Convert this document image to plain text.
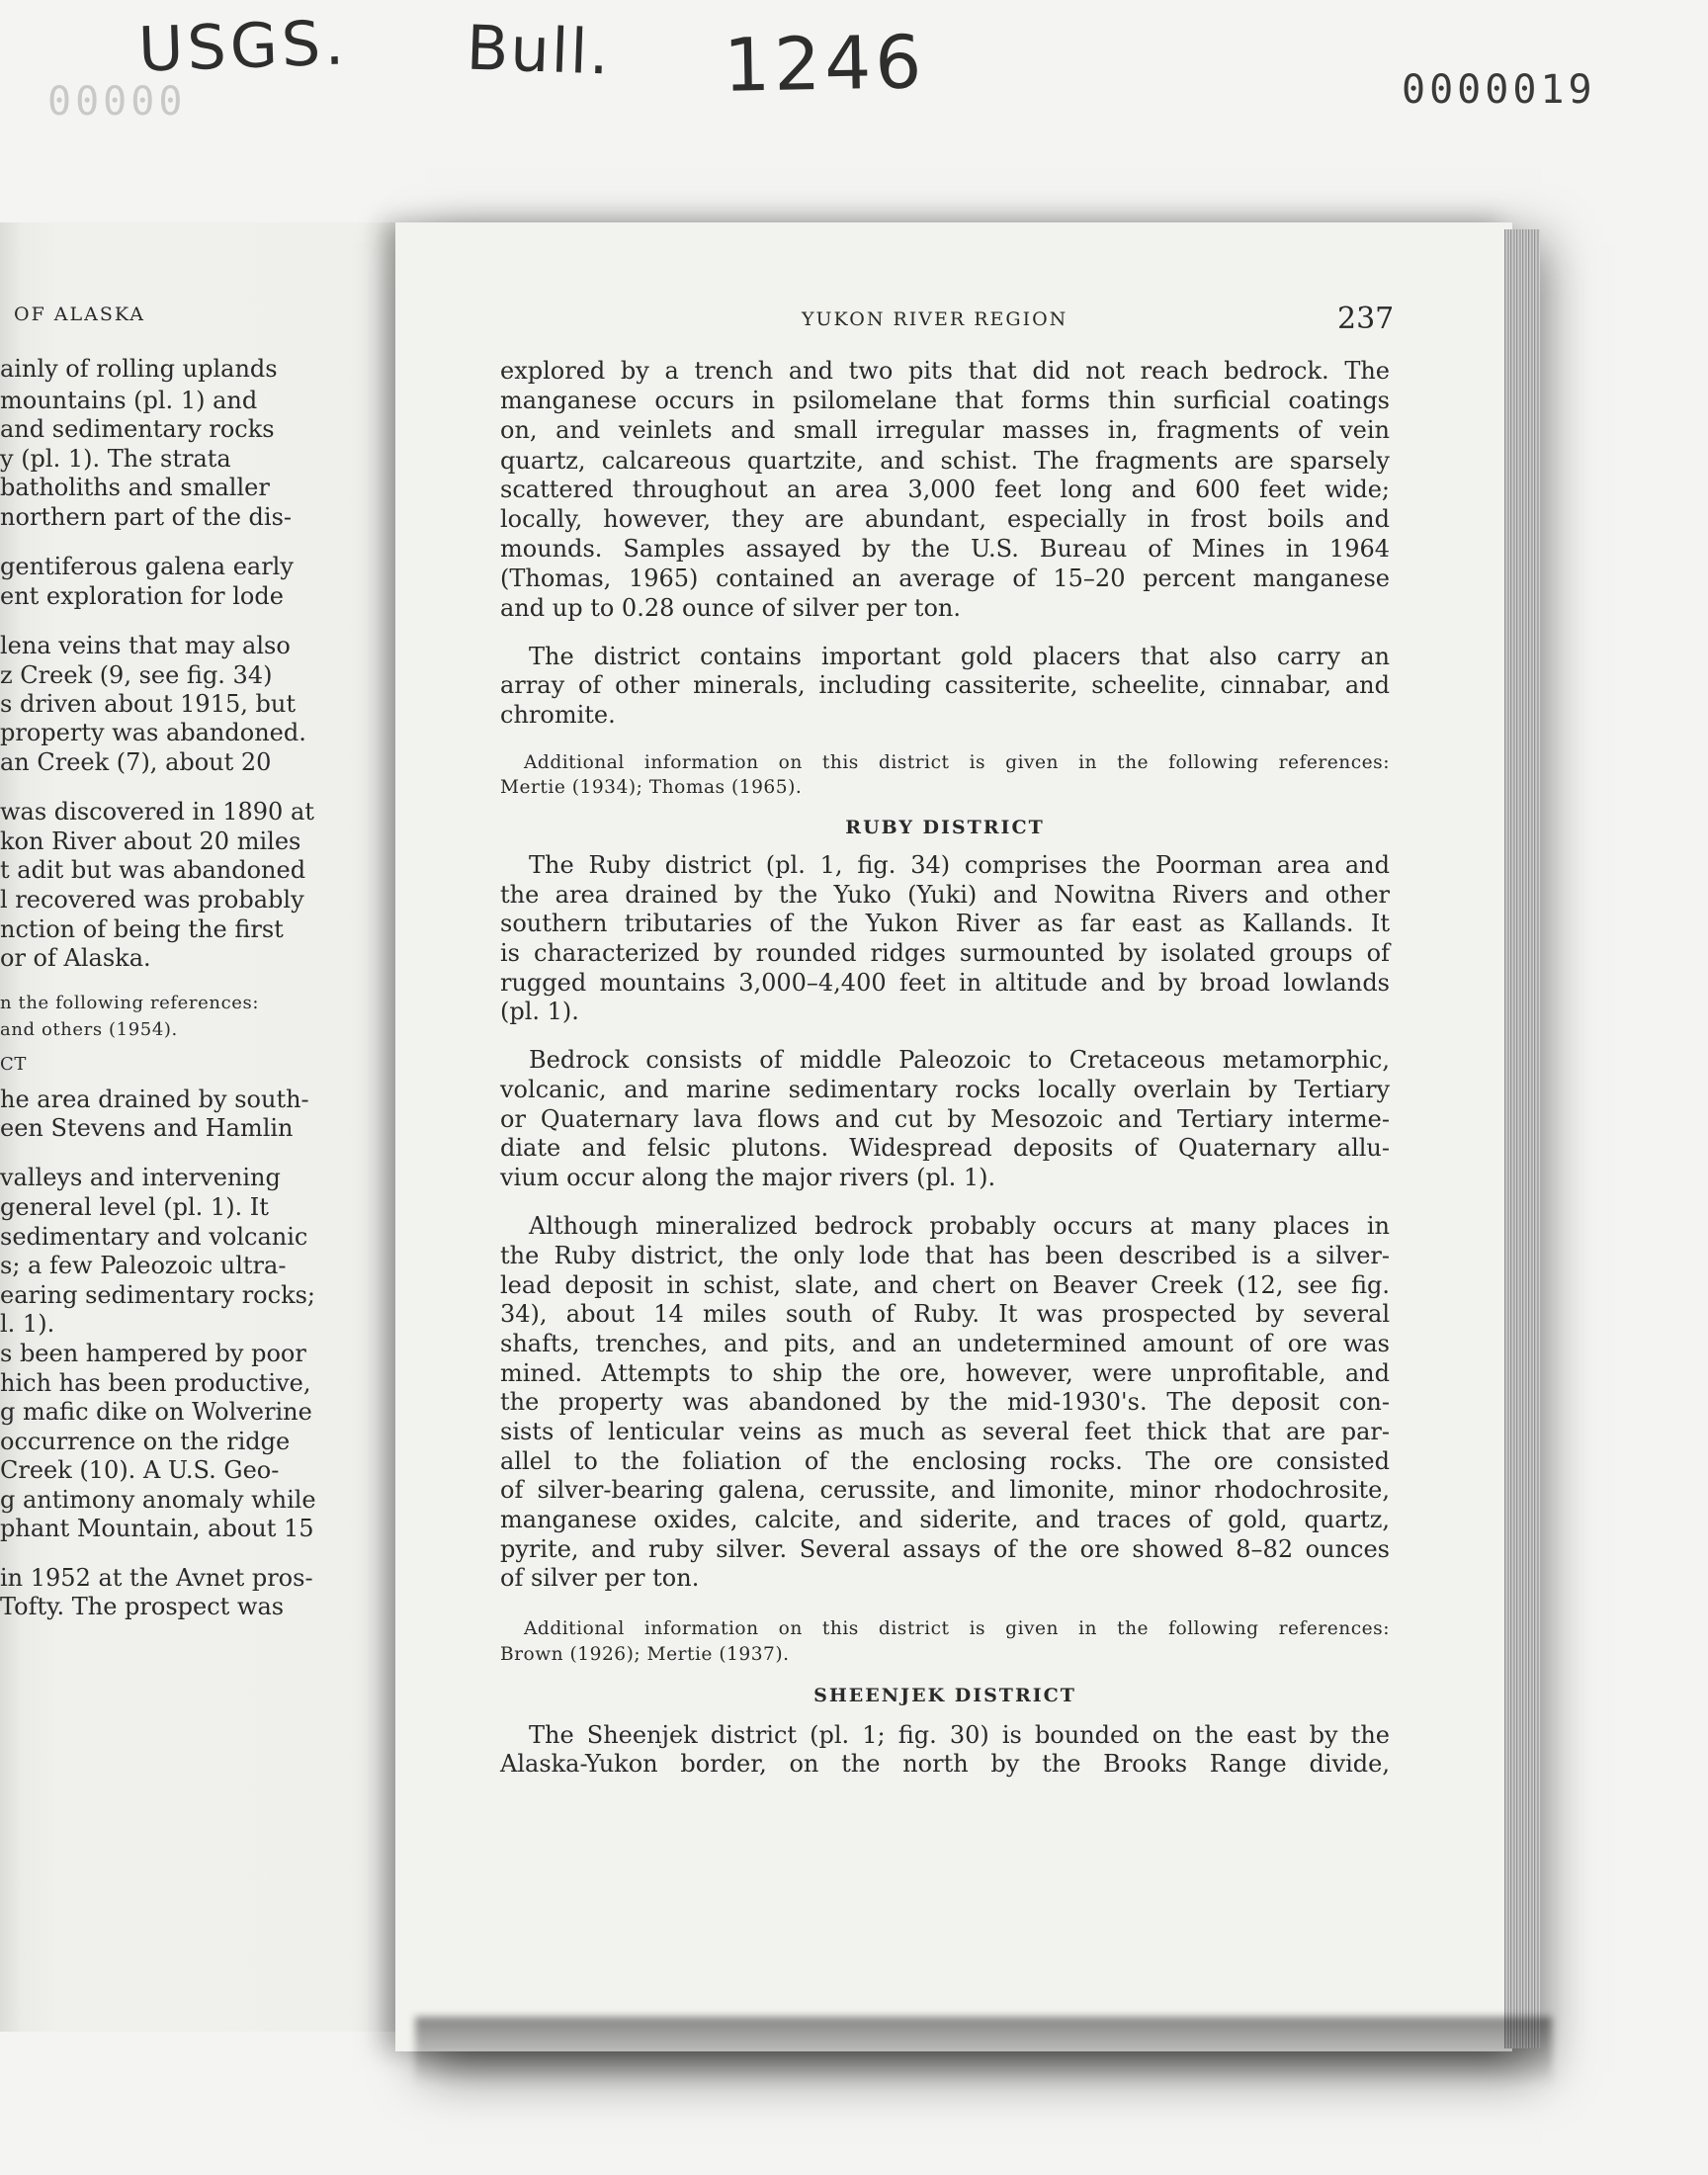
00000
USGS. Bull. 1246	0000019
OF ALASKA
ainly of rolling uplands
mountains (pl. 1) and
and sedimentary rocks
y (pl. 1). The strata
batholiths and smaller
northern part of the dis-
gentiferous galena early
ent exploration for lode
lena veins that may also
z Creek (9, see fig. 34)
s driven about 1915, but
property was abandoned.
an Creek (7), about 20
was discovered in 1890 at
kon River about 20 miles
t adit but was abandoned
l recovered was probably
nction of being the first
or of Alaska.
n the following references:
and others (1954).
CT
he area drained by south-
een Stevens and Hamlin
valleys and intervening
general level (pl. 1). It
sedimentary and volcanic
s; a few Paleozoic ultra-
earing sedimentary rocks;
l. 1).
s been hampered by poor
hich has been productive,
g mafic dike on Wolverine
occurrence on the ridge
Creek (10). A U.S. Geo-
g antimony anomaly while
phant Mountain, about 15
in 1952 at the Avnet pros-
Tofty. The prospect was
YUKON RIVER REGION	237
explored by a trench and two pits that did not reach bedrock. The
manganese occurs in psilomelane that forms thin surficial coatings
on, and veinlets and small irregular masses in, fragments of vein
quartz, calcareous quartzite, and schist. The fragments are sparsely
scattered throughout an area 3,000 feet long and 600 feet wide;
locally, however, they are abundant, especially in frost boils and
mounds. Samples assayed by the U.S. Bureau of Mines in 1964
(Thomas, 1965) contained an average of 15–20 percent manganese
and up to 0.28 ounce of silver per ton.
The district contains important gold placers that also carry an
array of other minerals, including cassiterite, scheelite, cinnabar, and
chromite.
Additional information on this district is given in the following references:
Mertie (1934); Thomas (1965).
RUBY DISTRICT
The Ruby district (pl. 1, fig. 34) comprises the Poorman area and
the area drained by the Yuko (Yuki) and Nowitna Rivers and other
southern tributaries of the Yukon River as far east as Kallands. It
is characterized by rounded ridges surmounted by isolated groups of
rugged mountains 3,000–4,400 feet in altitude and by broad lowlands
(pl. 1).
Bedrock consists of middle Paleozoic to Cretaceous metamorphic,
volcanic, and marine sedimentary rocks locally overlain by Tertiary
or Quaternary lava flows and cut by Mesozoic and Tertiary interme-
diate and felsic plutons. Widespread deposits of Quaternary allu-
vium occur along the major rivers (pl. 1).
Although mineralized bedrock probably occurs at many places in
the Ruby district, the only lode that has been described is a silver-
lead deposit in schist, slate, and chert on Beaver Creek (12, see fig.
34), about 14 miles south of Ruby. It was prospected by several
shafts, trenches, and pits, and an undetermined amount of ore was
mined. Attempts to ship the ore, however, were unprofitable, and
the property was abandoned by the mid-1930's. The deposit con-
sists of lenticular veins as much as several feet thick that are par-
allel to the foliation of the enclosing rocks. The ore consisted
of silver-bearing galena, cerussite, and limonite, minor rhodochrosite,
manganese oxides, calcite, and siderite, and traces of gold, quartz,
pyrite, and ruby silver. Several assays of the ore showed 8–82 ounces
of silver per ton.
Additional information on this district is given in the following references:
Brown (1926); Mertie (1937).
SHEENJEK DISTRICT
The Sheenjek district (pl. 1; fig. 30) is bounded on the east by the
Alaska-Yukon border, on the north by the Brooks Range divide,
